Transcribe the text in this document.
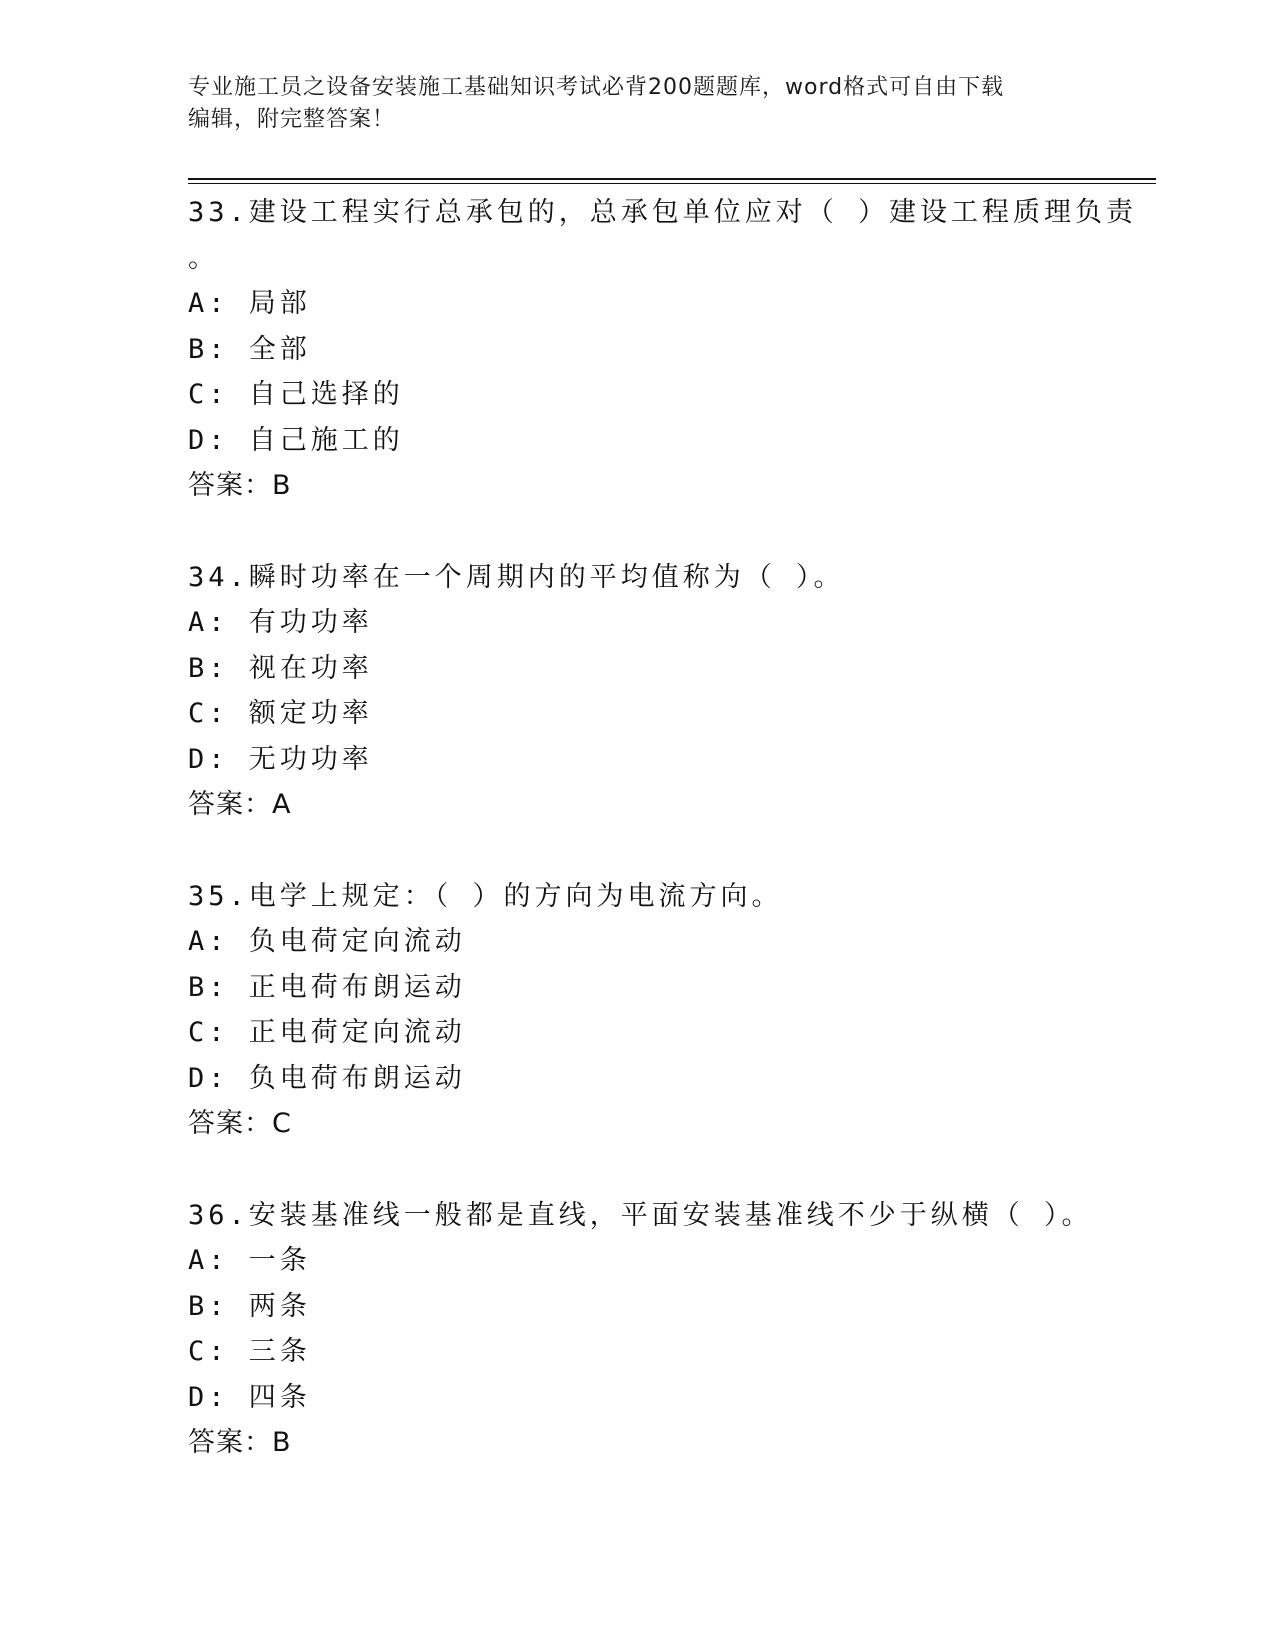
专业施工员之设备安装施工基础知识考试必背200题题库，word格式可自由下载
编辑，附完整答案！
33.建设工程实行总承包的，总承包单位应对（ ）建设工程质理负责
。
A: 局部
B: 全部
C: 自己选择的
D: 自己施工的
答案：B
34.瞬时功率在一个周期内的平均值称为（ ）。
A: 有功功率
B: 视在功率
C: 额定功率
D: 无功功率
答案：A
35.电学上规定：（ ）的方向为电流方向。
A: 负电荷定向流动
B: 正电荷布朗运动
C: 正电荷定向流动
D: 负电荷布朗运动
答案：C
36.安装基准线一般都是直线，平面安装基准线不少于纵横（ ）。
A: 一条
B: 两条
C: 三条
D: 四条
答案：B
